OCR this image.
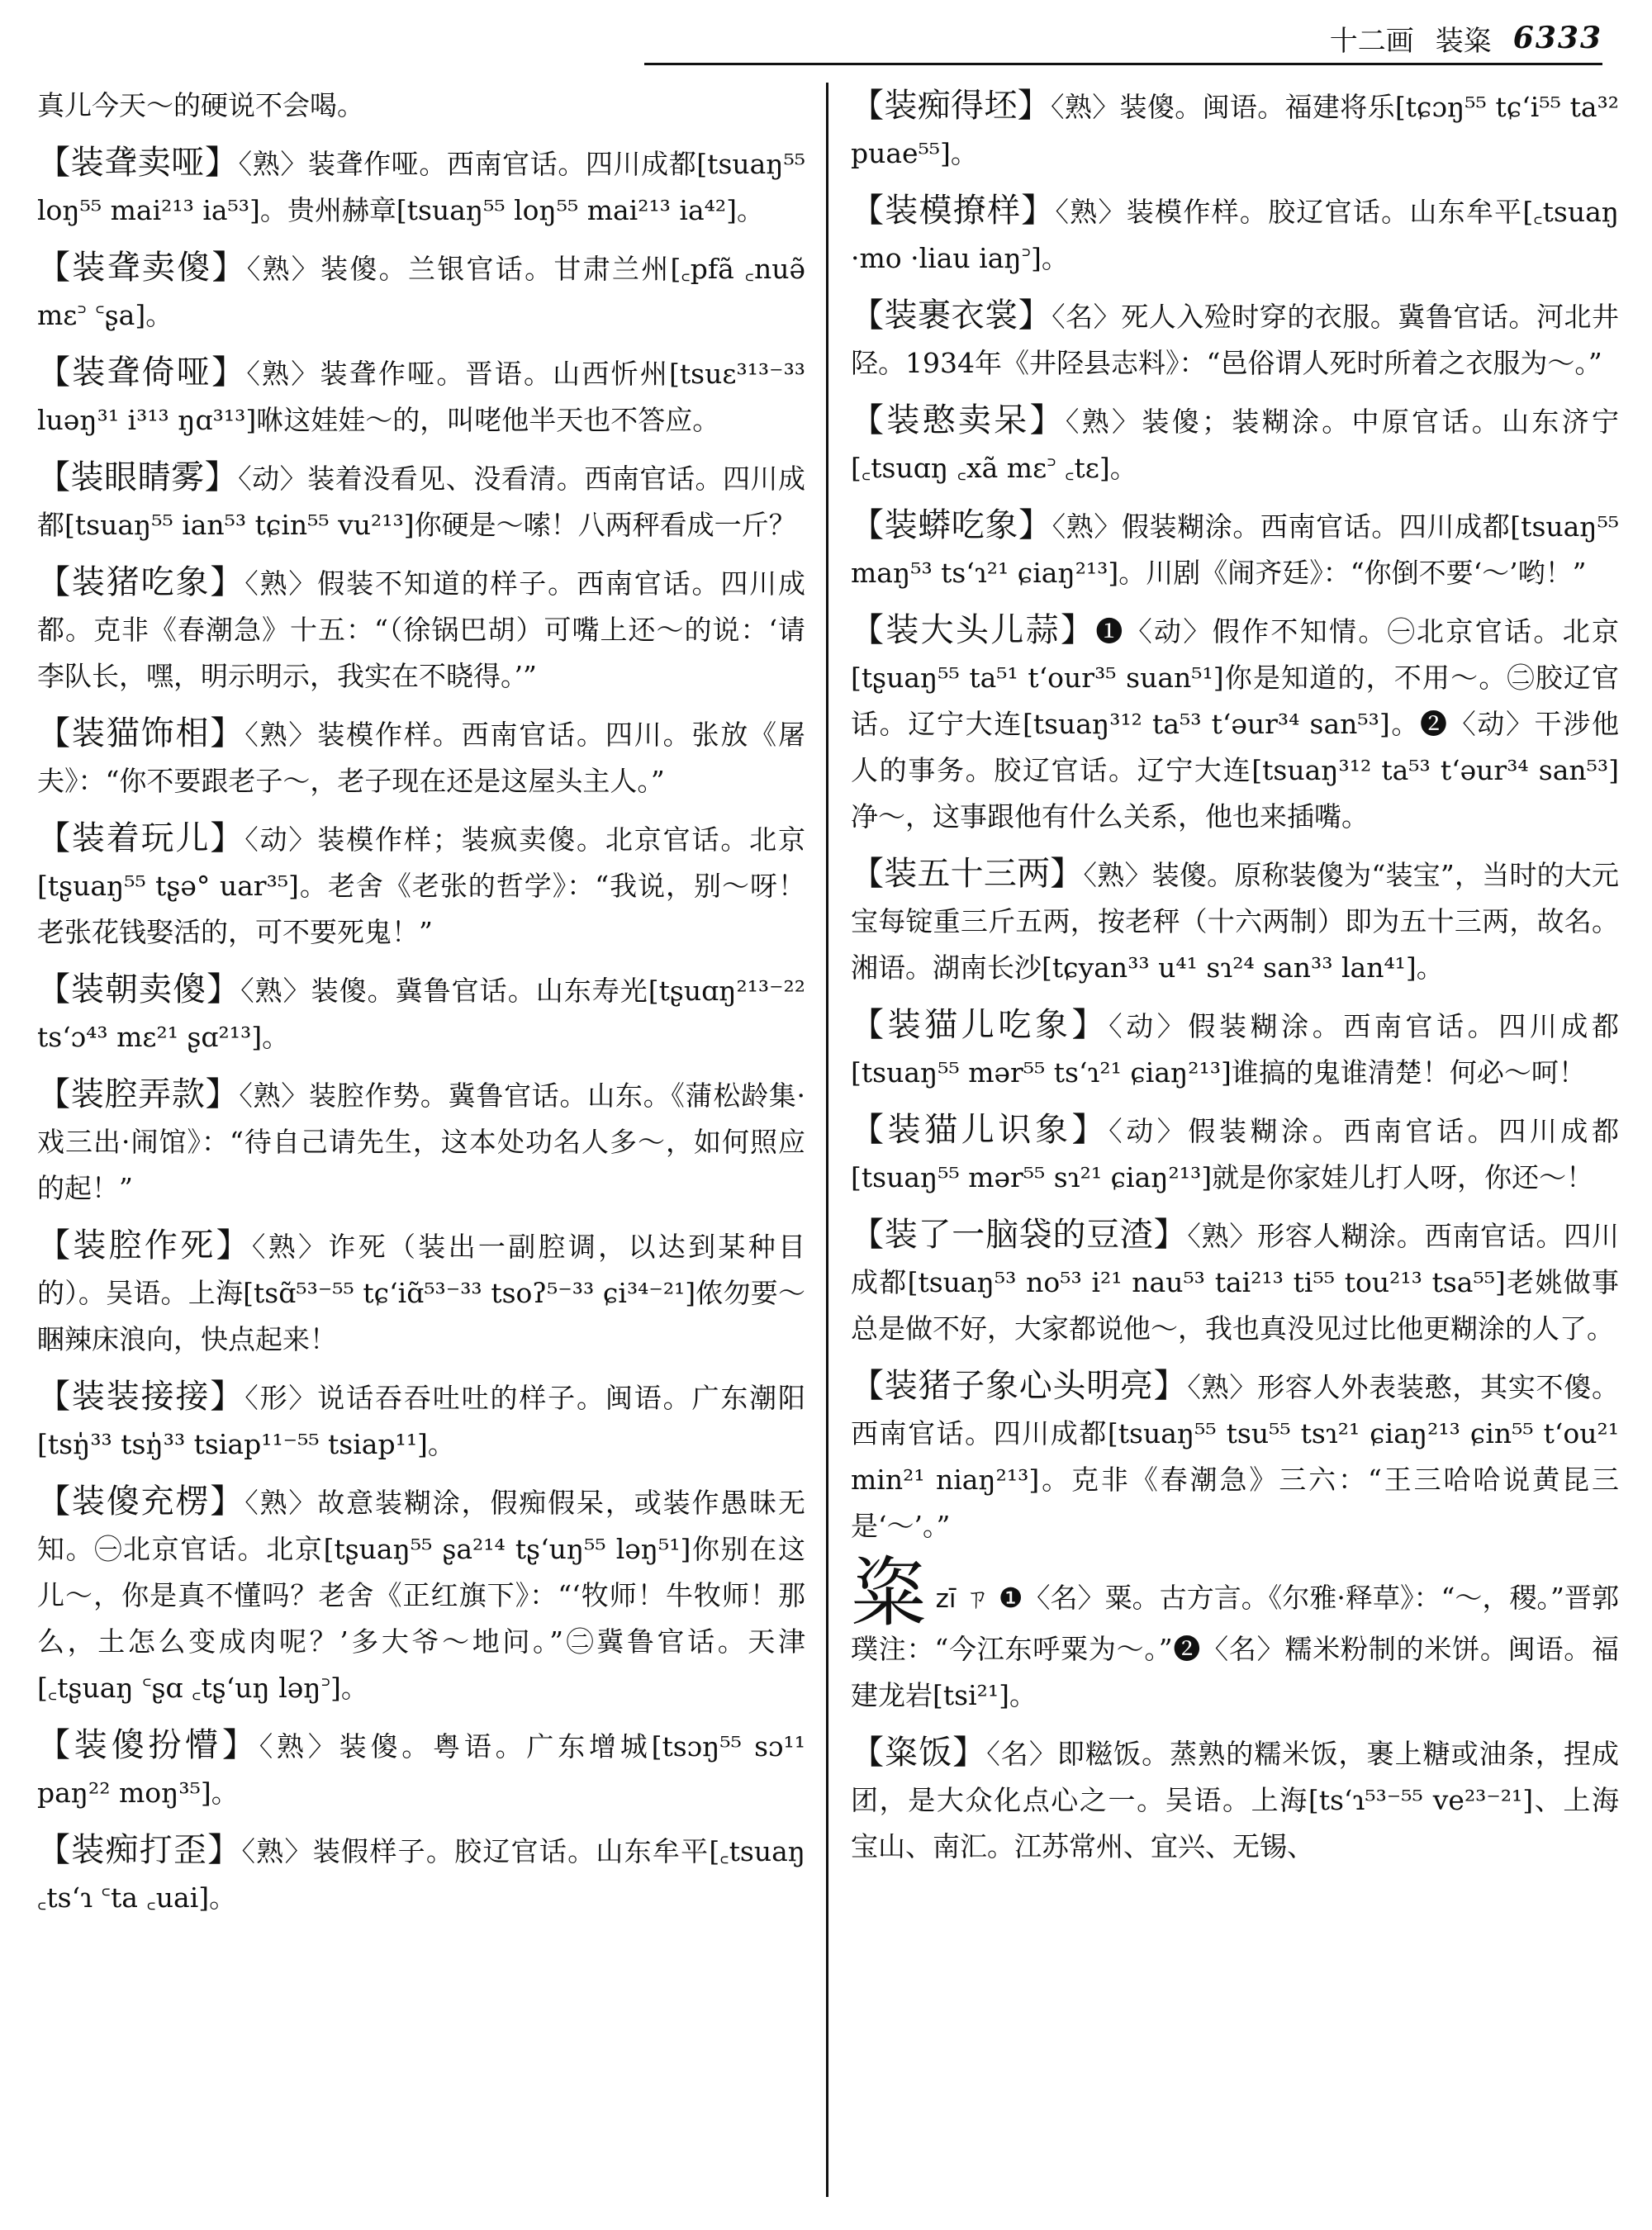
十二画 装粢 6333

真儿今天～的硬说不会喝。

【装聋卖哑】〈熟〉装聋作哑。西南官话。四川成都[tsuaŋ⁵⁵ loŋ⁵⁵ mai²¹³ ia⁵³]。贵州赫章[tsuaŋ⁵⁵ loŋ⁵⁵ mai²¹³ ia⁴²]。

【装聋卖傻】〈熟〉装傻。兰银官话。甘肃兰州[꜀pfã ꜀nuə̃ mɛ꜄ ꜂ʂa]。

【装聋倚哑】〈熟〉装聋作哑。晋语。山西忻州[tsuɛ³¹³⁻³³ luəŋ³¹ i³¹³ ŋɑ³¹³]咻这娃娃～的，叫咾他半天也不答应。

【装眼睛雾】〈动〉装着没看见、没看清。西南官话。四川成都[tsuaŋ⁵⁵ ian⁵³ tɕin⁵⁵ vu²¹³]你硬是～嗦！八两秤看成一斤？

【装猪吃象】〈熟〉假装不知道的样子。西南官话。四川成都。克非《春潮急》十五：“（徐锅巴胡）可嘴上还～的说：‘请李队长，嘿，明示明示，我实在不晓得。’”

【装猫饰相】〈熟〉装模作样。西南官话。四川。张放《屠夫》：“你不要跟老子～，老子现在还是这屋头主人。”

【装着玩儿】〈动〉装模作样；装疯卖傻。北京官话。北京[tʂuaŋ⁵⁵ tʂə° uar³⁵]。老舍《老张的哲学》：“我说，别～呀！老张花钱娶活的，可不要死鬼！”

【装朝卖傻】〈熟〉装傻。冀鲁官话。山东寿光[tʂuɑŋ²¹³⁻²² tsʻɔ⁴³ mɛ²¹ ʂɑ²¹³]。

【装腔弄款】〈熟〉装腔作势。冀鲁官话。山东。《蒲松龄集·戏三出·闹馆》：“待自己请先生，这本处功名人多～，如何照应的起！”

【装腔作死】〈熟〉诈死（装出一副腔调，以达到某种目的）。吴语。上海[tsɑ̃⁵³⁻⁵⁵ tɕʻiɑ̃⁵³⁻³³ tsoʔ⁵⁻³³ ɕi³⁴⁻²¹]侬勿要～睏辣床浪向，快点起来！

【装装接接】〈形〉说话吞吞吐吐的样子。闽语。广东潮阳[tsŋ̍³³ tsŋ̍³³ tsiap¹¹⁻⁵⁵ tsiap¹¹]。

【装傻充楞】〈熟〉故意装糊涂，假痴假呆，或装作愚昧无知。㊀北京官话。北京[tʂuaŋ⁵⁵ ʂa²¹⁴ tʂʻuŋ⁵⁵ ləŋ⁵¹]你别在这儿～，你是真不懂吗？老舍《正红旗下》：“‘牧师！牛牧师！那么，土怎么变成肉呢？’多大爷～地问。”㊁冀鲁官话。天津[꜀tʂuaŋ ꜂ʂɑ ꜀tʂʻuŋ ləŋ꜄]。

【装傻扮懵】〈熟〉装傻。粤语。广东增城[tsɔŋ⁵⁵ sɔ¹¹ paŋ²² moŋ³⁵]。

【装痴打歪】〈熟〉装假样子。胶辽官话。山东牟平[꜀tsuaŋ ꜀tsʻɿ ꜂ta ꜀uai]。

【装痴得坯】〈熟〉装傻。闽语。福建将乐[tɕɔŋ⁵⁵ tɕʻi⁵⁵ ta³² puae⁵⁵]。

【装模撩样】〈熟〉装模作样。胶辽官话。山东牟平[꜀tsuaŋ ·mo ·liau iaŋ꜄]。

【装裹衣裳】〈名〉死人入殓时穿的衣服。冀鲁官话。河北井陉。1934年《井陉县志料》：“邑俗谓人死时所着之衣服为～。”

【装憨卖呆】〈熟〉装傻；装糊涂。中原官话。山东济宁[꜀tsuɑŋ ꜀xã mɛ꜄ ꜀tɛ]。

【装蟒吃象】〈熟〉假装糊涂。西南官话。四川成都[tsuaŋ⁵⁵ maŋ⁵³ tsʻɿ²¹ ɕiaŋ²¹³]。川剧《闹齐廷》：“你倒不要‘～’哟！”

【装大头儿蒜】❶〈动〉假作不知情。㊀北京官话。北京[tʂuaŋ⁵⁵ ta⁵¹ tʻour³⁵ suan⁵¹]你是知道的，不用～。㊁胶辽官话。辽宁大连[tsuaŋ³¹² ta⁵³ tʻəur³⁴ san⁵³]。❷〈动〉干涉他人的事务。胶辽官话。辽宁大连[tsuaŋ³¹² ta⁵³ tʻəur³⁴ san⁵³]净～，这事跟他有什么关系，他也来插嘴。

【装五十三两】〈熟〉装傻。原称装傻为“装宝”，当时的大元宝每锭重三斤五两，按老秤（十六两制）即为五十三两，故名。湘语。湖南长沙[tɕyan³³ u⁴¹ sɿ²⁴ san³³ lan⁴¹]。

【装猫儿吃象】〈动〉假装糊涂。西南官话。四川成都[tsuaŋ⁵⁵ mər⁵⁵ tsʻɿ²¹ ɕiaŋ²¹³]谁搞的鬼谁清楚！何必～呵！

【装猫儿识象】〈动〉假装糊涂。西南官话。四川成都[tsuaŋ⁵⁵ mər⁵⁵ sɿ²¹ ɕiaŋ²¹³]就是你家娃儿打人呀，你还～！

【装了一脑袋的豆渣】〈熟〉形容人糊涂。西南官话。四川成都[tsuaŋ⁵³ no⁵³ i²¹ nau⁵³ tai²¹³ ti⁵⁵ tou²¹³ tsa⁵⁵]老姚做事总是做不好，大家都说他～，我也真没见过比他更糊涂的人了。

【装猪子象心头明亮】〈熟〉形容人外表装憨，其实不傻。西南官话。四川成都[tsuaŋ⁵⁵ tsu⁵⁵ tsɿ²¹ ɕiaŋ²¹³ ɕin⁵⁵ tʻou²¹ min²¹ niaŋ²¹³]。克非《春潮急》三六：“王三哈哈说黄昆三是‘～’。”

粢 zī ㄗ ❶〈名〉粟。古方言。《尔雅·释草》：“～，稷。”晋郭璞注：“今江东呼粟为～。”❷〈名〉糯米粉制的米饼。闽语。福建龙岩[tsi²¹]。

【粢饭】〈名〉即糍饭。蒸熟的糯米饭，裹上糖或油条，捏成团，是大众化点心之一。吴语。上海[tsʻɿ⁵³⁻⁵⁵ ve²³⁻²¹]、上海宝山、南汇。江苏常州、宜兴、无锡、
